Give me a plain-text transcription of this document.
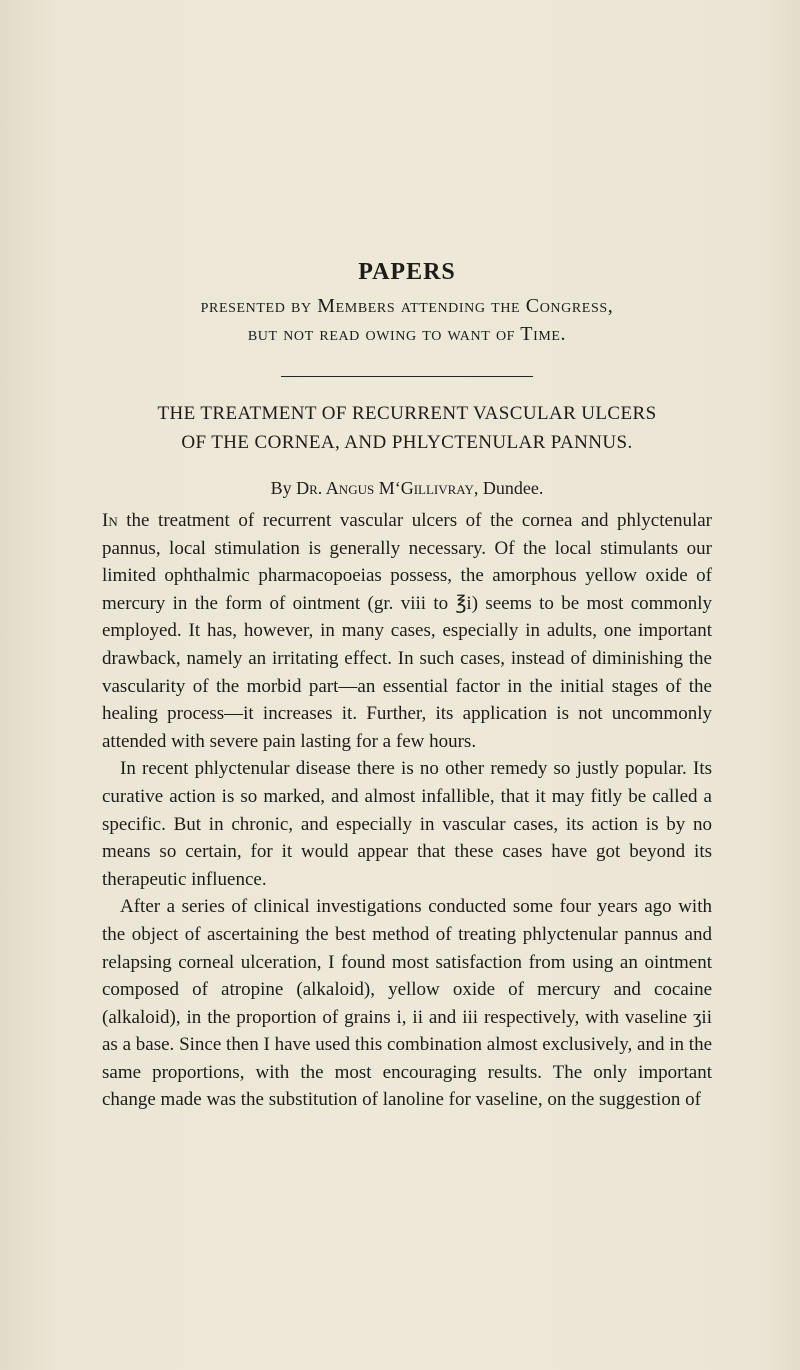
PAPERS
presented by Members attending the Congress,
but not read owing to want of Time.
THE TREATMENT OF RECURRENT VASCULAR ULCERS
OF THE CORNEA, AND PHLYCTENULAR PANNUS.
By Dr. Angus M‘Gillivray, Dundee.

In the treatment of recurrent vascular ulcers of the cornea and phlyctenular pannus, local stimulation is generally necessary. Of the local stimulants our limited ophthalmic pharmacopoeias possess, the amorphous yellow oxide of mercury in the form of ointment (gr. viii to ℥i) seems to be most commonly employed. It has, however, in many cases, especially in adults, one important drawback, namely an irritating effect. In such cases, instead of diminishing the vascularity of the morbid part—an essential factor in the initial stages of the healing process—it increases it. Further, its application is not uncommonly attended with severe pain lasting for a few hours.

In recent phlyctenular disease there is no other remedy so justly popular. Its curative action is so marked, and almost infallible, that it may fitly be called a specific. But in chronic, and especially in vascular cases, its action is by no means so certain, for it would appear that these cases have got beyond its therapeutic influence.

After a series of clinical investigations conducted some four years ago with the object of ascertaining the best method of treating phlyctenular pannus and relapsing corneal ulceration, I found most satisfaction from using an ointment composed of atropine (alkaloid), yellow oxide of mercury and cocaine (alkaloid), in the proportion of grains i, ii and iii respectively, with vaseline ʒii as a base. Since then I have used this combination almost exclusively, and in the same proportions, with the most encouraging results. The only important change made was the substitution of lanoline for vaseline, on the suggestion of
